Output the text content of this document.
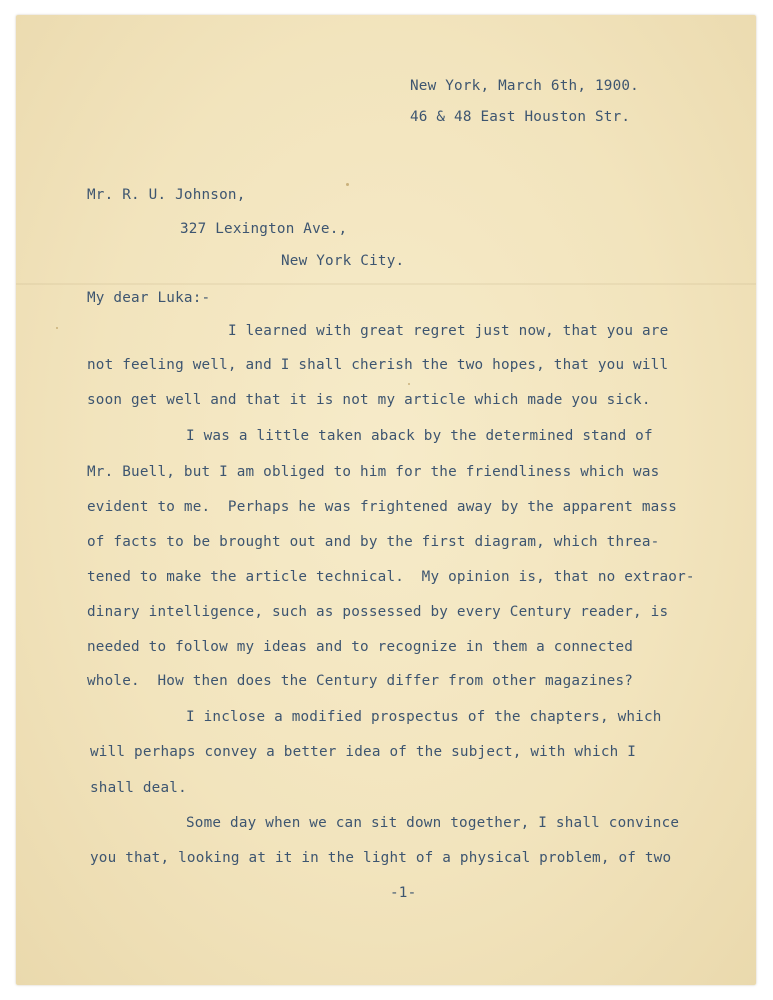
New York, March 6th, 1900.
46 & 48 East Houston Str.
Mr. R. U. Johnson,
327 Lexington Ave.,
New York City.
My dear Luka:-
I learned with great regret just now, that you are
not feeling well, and I shall cherish the two hopes, that you will
soon get well and that it is not my article which made you sick.
I was a little taken aback by the determined stand of
Mr. Buell, but I am obliged to him for the friendliness which was
evident to me.  Perhaps he was frightened away by the apparent mass
of facts to be brought out and by the first diagram, which threa-
tened to make the article technical.  My opinion is, that no extraor-
dinary intelligence, such as possessed by every Century reader, is
needed to follow my ideas and to recognize in them a connected
whole.  How then does the Century differ from other magazines?
I inclose a modified prospectus of the chapters, which
will perhaps convey a better idea of the subject, with which I
shall deal.
Some day when we can sit down together, I shall convince
you that, looking at it in the light of a physical problem, of two
-1-
